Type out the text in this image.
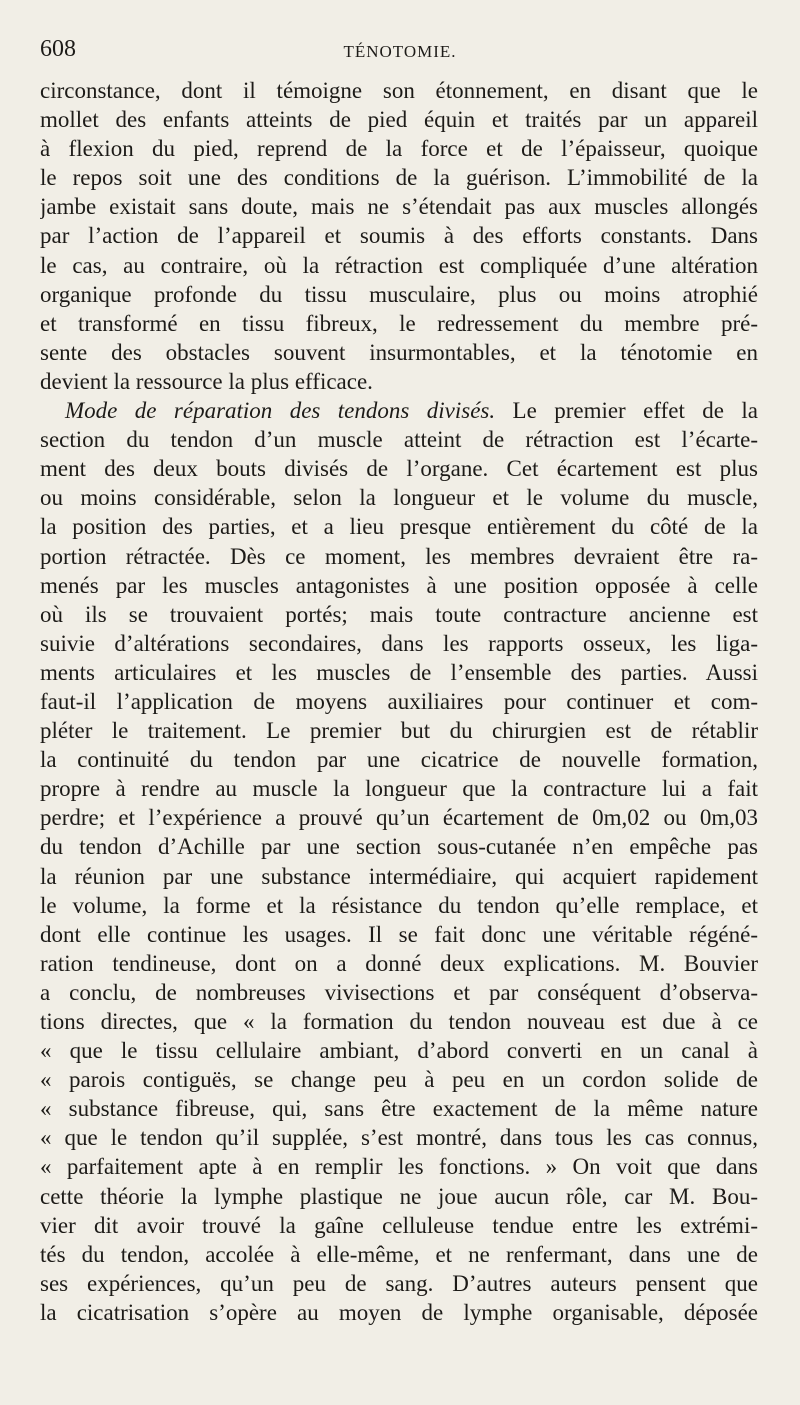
608	TÉNOTOMIE.
circonstance, dont il témoigne son étonnement, en disant que le
mollet des enfants atteints de pied équin et traités par un appareil
à flexion du pied, reprend de la force et de l’épaisseur, quoique
le repos soit une des conditions de la guérison. L’immobilité de la
jambe existait sans doute, mais ne s’étendait pas aux muscles allongés
par l’action de l’appareil et soumis à des efforts constants. Dans
le cas, au contraire, où la rétraction est compliquée d’une altération
organique profonde du tissu musculaire, plus ou moins atrophié
et transformé en tissu fibreux, le redressement du membre pré-
sente des obstacles souvent insurmontables, et la ténotomie en
devient la ressource la plus efficace.
Mode de réparation des tendons divisés. Le premier effet de la
section du tendon d’un muscle atteint de rétraction est l’écarte-
ment des deux bouts divisés de l’organe. Cet écartement est plus
ou moins considérable, selon la longueur et le volume du muscle,
la position des parties, et a lieu presque entièrement du côté de la
portion rétractée. Dès ce moment, les membres devraient être ra-
menés par les muscles antagonistes à une position opposée à celle
où ils se trouvaient portés; mais toute contracture ancienne est
suivie d’altérations secondaires, dans les rapports osseux, les liga-
ments articulaires et les muscles de l’ensemble des parties. Aussi
faut-il l’application de moyens auxiliaires pour continuer et com-
pléter le traitement. Le premier but du chirurgien est de rétablir
la continuité du tendon par une cicatrice de nouvelle formation,
propre à rendre au muscle la longueur que la contracture lui a fait
perdre; et l’expérience a prouvé qu’un écartement de 0m,02 ou 0m,03
du tendon d’Achille par une section sous-cutanée n’en empêche pas
la réunion par une substance intermédiaire, qui acquiert rapidement
le volume, la forme et la résistance du tendon qu’elle remplace, et
dont elle continue les usages. Il se fait donc une véritable régéné-
ration tendineuse, dont on a donné deux explications. M. Bouvier
a conclu, de nombreuses vivisections et par conséquent d’observa-
tions directes, que « la formation du tendon nouveau est due à ce
« que le tissu cellulaire ambiant, d’abord converti en un canal à
« parois contiguës, se change peu à peu en un cordon solide de
« substance fibreuse, qui, sans être exactement de la même nature
« que le tendon qu’il supplée, s’est montré, dans tous les cas connus,
« parfaitement apte à en remplir les fonctions. » On voit que dans
cette théorie la lymphe plastique ne joue aucun rôle, car M. Bou-
vier dit avoir trouvé la gaîne celluleuse tendue entre les extrémi-
tés du tendon, accolée à elle-même, et ne renfermant, dans une de
ses expériences, qu’un peu de sang. D’autres auteurs pensent que
la cicatrisation s’opère au moyen de lymphe organisable, déposée
